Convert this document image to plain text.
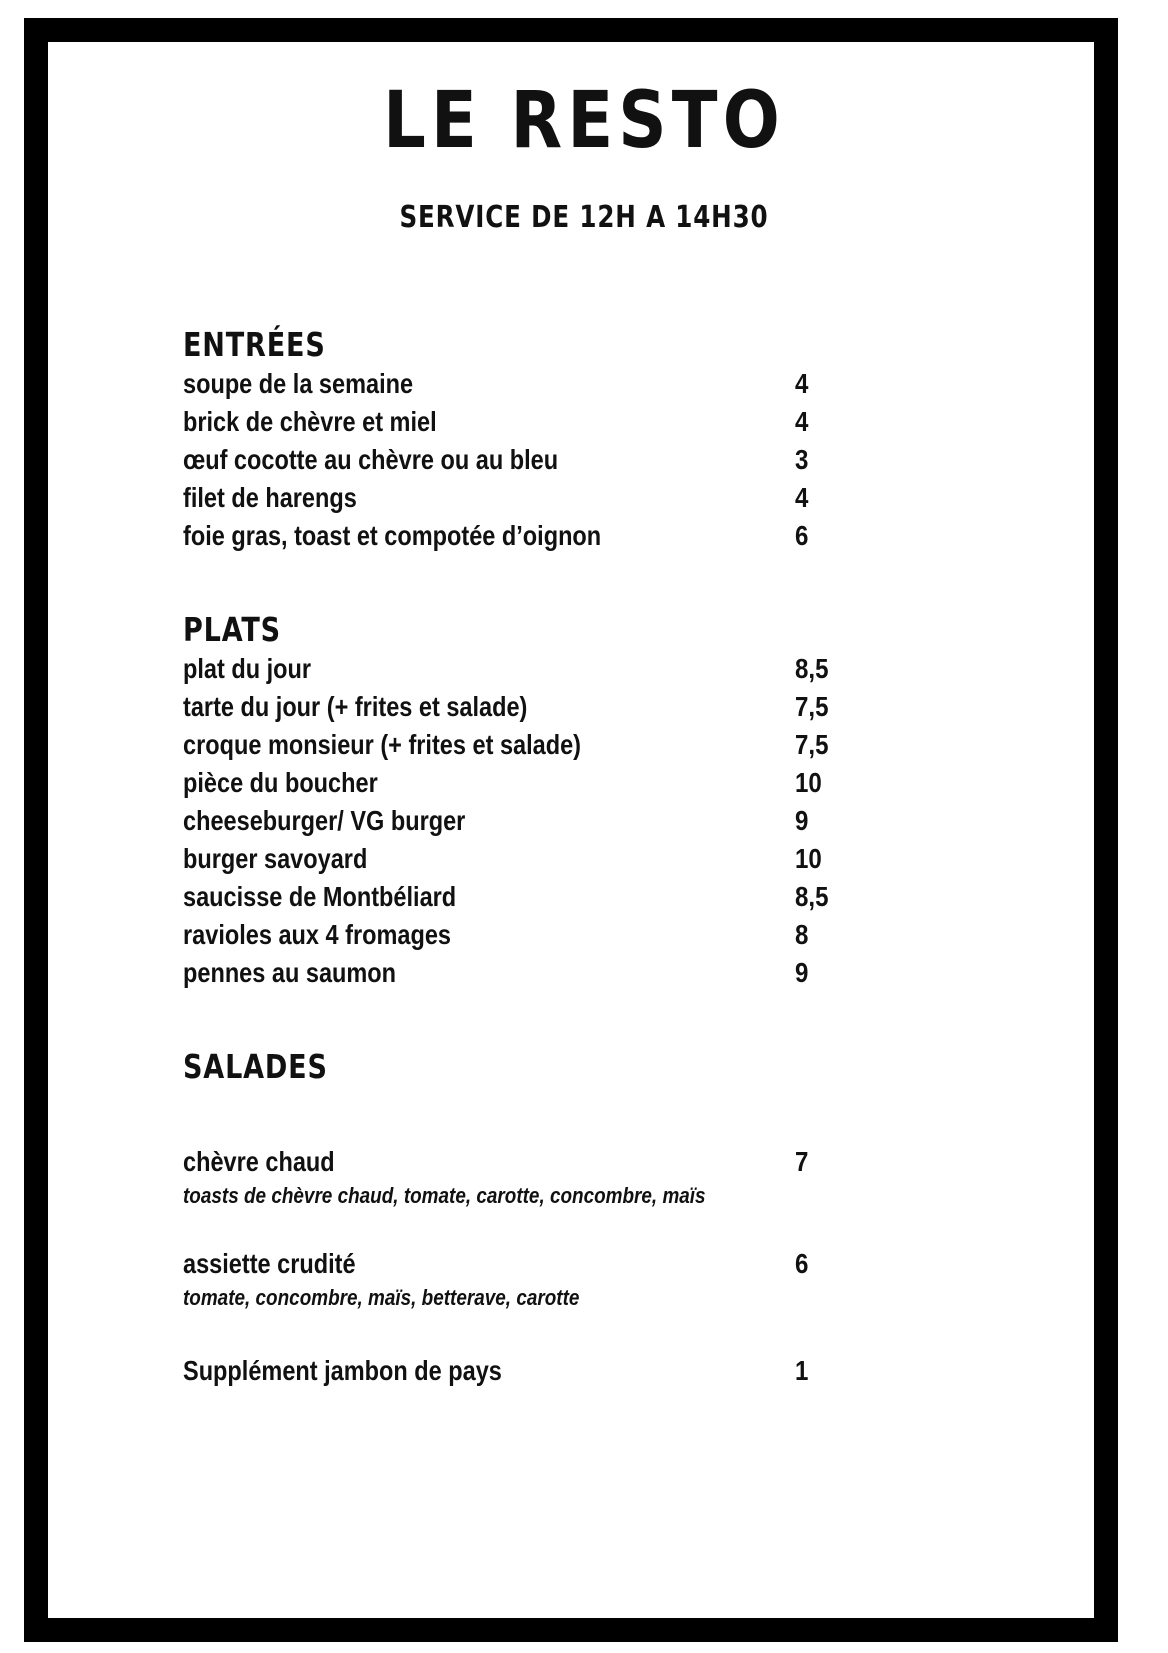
LE RESTO
SERVICE DE 12H A 14H30
ENTRÉES
soupe de la semaine	4
brick de chèvre et miel	4
œuf cocotte au chèvre ou au bleu	3
filet de harengs	4
foie gras, toast et compotée d’oignon	6
PLATS
plat du jour	8,5
tarte du jour (+ frites et salade)	7,5
croque monsieur (+ frites et salade)	7,5
pièce du boucher	10
cheeseburger/ VG burger	9
burger savoyard	10
saucisse de Montbéliard	8,5
ravioles aux 4 fromages	8
pennes au saumon	9
SALADES
chèvre chaud	7
toasts de chèvre chaud, tomate, carotte, concombre, maïs
assiette crudité	6
tomate, concombre, maïs, betterave, carotte
Supplément jambon de pays	1
